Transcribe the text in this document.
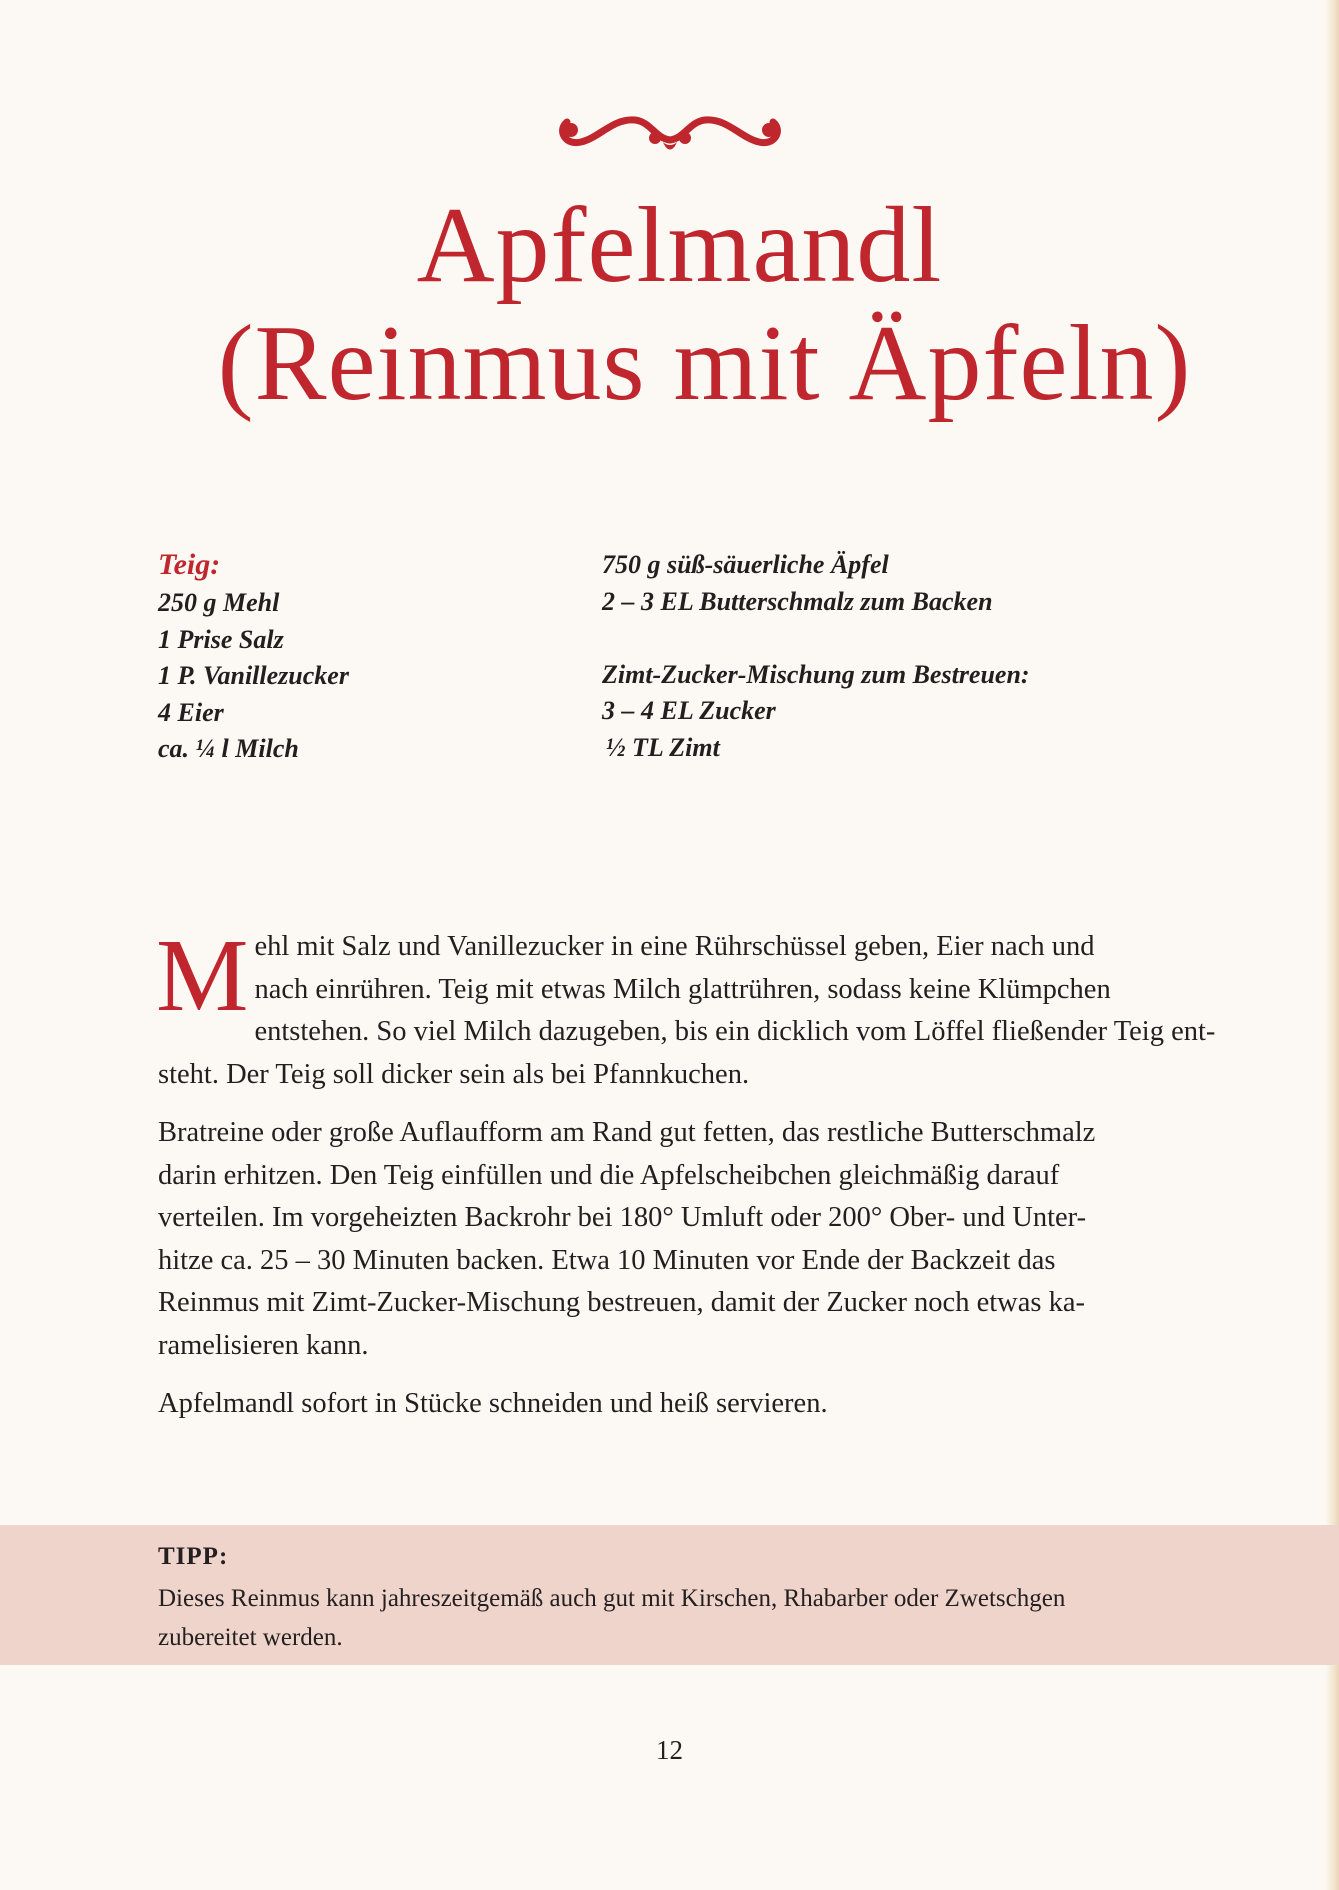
Apfelmandl
(Reinmus mit Äpfeln)
Teig:
250 g Mehl
1 Prise Salz
1 P. Vanillezucker
4 Eier
ca. ¼ l Milch
750 g süß-säuerliche Äpfel
2 – 3 EL Butterschmalz zum Backen
Zimt-Zucker-Mischung zum Bestreuen:
3 – 4 EL Zucker
½ TL Zimt

M ehl mit Salz und Vanillezucker in eine Rührschüssel geben, Eier nach und
nach einrühren. Teig mit etwas Milch glattrühren, sodass keine Klümpchen
entstehen. So viel Milch dazugeben, bis ein dicklich vom Löffel fließender Teig ent-
steht. Der Teig soll dicker sein als bei Pfannkuchen.

Bratreine oder große Auflaufform am Rand gut fetten, das restliche Butterschmalz
darin erhitzen. Den Teig einfüllen und die Apfelscheibchen gleichmäßig darauf
verteilen. Im vorgeheizten Backrohr bei 180° Umluft oder 200° Ober- und Unter-
hitze ca. 25 – 30 Minuten backen. Etwa 10 Minuten vor Ende der Backzeit das
Reinmus mit Zimt-Zucker-Mischung bestreuen, damit der Zucker noch etwas ka-
ramelisieren kann.

Apfelmandl sofort in Stücke schneiden und heiß servieren.

TIPP:
Dieses Reinmus kann jahreszeitgemäß auch gut mit Kirschen, Rhabarber oder Zwetschgen
zubereitet werden.
12
